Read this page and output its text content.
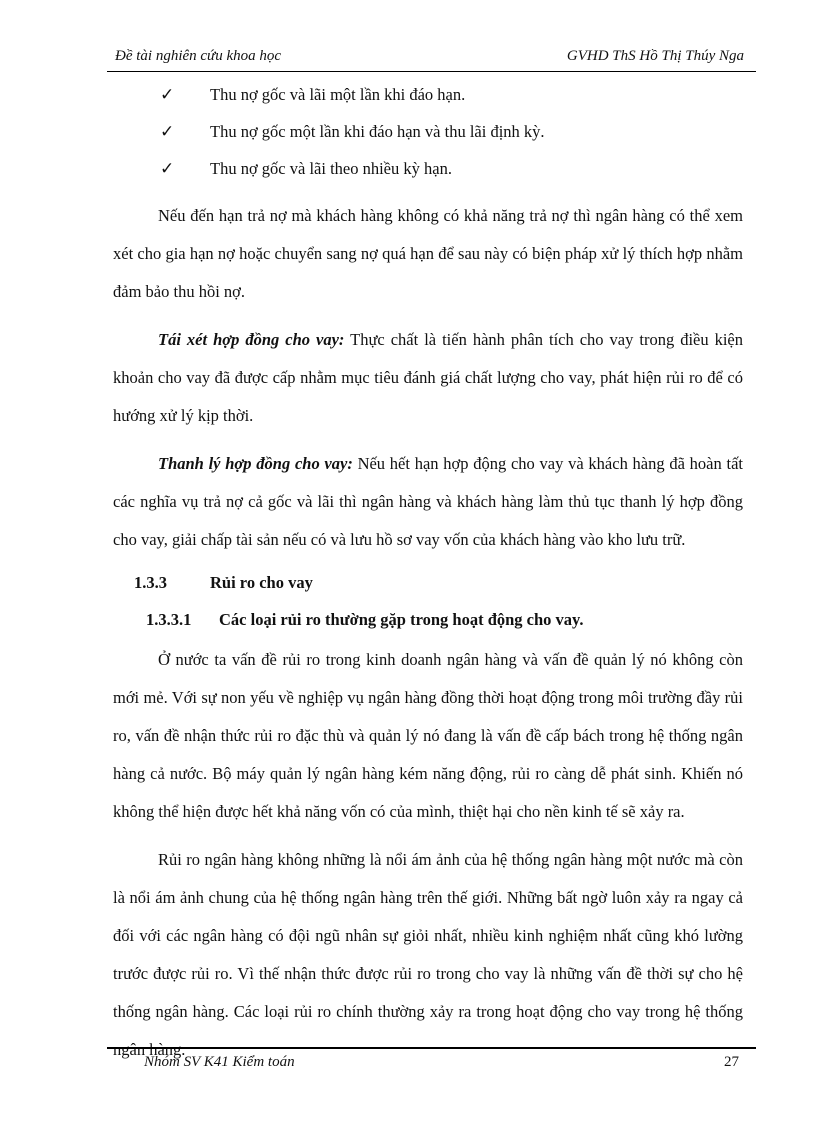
Đề tài nghiên cứu khoa học	GVHD ThS Hồ Thị Thúy Nga
✓	Thu nợ gốc và lãi một lần khi đáo hạn.
✓	Thu nợ gốc một lần khi đáo hạn và thu lãi định kỳ.
✓	Thu nợ gốc và lãi theo nhiều kỳ hạn.

Nếu đến hạn trả nợ mà khách hàng không có khả năng trả nợ thì ngân hàng có thể xem xét cho gia hạn nợ hoặc chuyển sang nợ quá hạn để sau này có biện pháp xử lý thích hợp nhằm đảm bảo thu hồi nợ.

Tái xét hợp đồng cho vay: Thực chất là tiến hành phân tích cho vay trong điều kiện khoản cho vay đã được cấp nhằm mục tiêu đánh giá chất lượng cho vay, phát hiện rủi ro để có hướng xử lý kịp thời.

Thanh lý hợp đồng cho vay: Nếu hết hạn hợp động cho vay và khách hàng đã hoàn tất các nghĩa vụ trả nợ cả gốc và lãi thì ngân hàng và khách hàng làm thủ tục thanh lý hợp đồng cho vay, giải chấp tài sản nếu có và lưu hồ sơ vay vốn của khách hàng vào kho lưu trữ.

1.3.3	Rủi ro cho vay
1.3.3.1	Các loại rủi ro thường gặp trong hoạt động cho vay.

Ở nước ta vấn đề rủi ro trong kinh doanh ngân hàng và vấn đề quản lý nó không còn mới mẻ. Với sự non yếu về nghiệp vụ ngân hàng đồng thời hoạt động trong môi trường đầy rủi ro, vấn đề nhận thức rủi ro đặc thù và quản lý nó đang là vấn đề cấp bách trong hệ thống ngân hàng cả nước. Bộ máy quản lý ngân hàng kém năng động, rủi ro càng dễ phát sinh. Khiến nó không thể hiện được hết khả năng vốn có của mình, thiệt hại cho nền kinh tế sẽ xảy ra.

Rủi ro ngân hàng không những là nổi ám ảnh của hệ thống ngân hàng một nước mà còn là nổi ám ảnh chung của hệ thống ngân hàng trên thế giới. Những bất ngờ luôn xảy ra ngay cả đối với các ngân hàng có đội ngũ nhân sự giỏi nhất, nhiều kinh nghiệm nhất cũng khó lường trước được rủi ro. Vì thế nhận thức được rủi ro trong cho vay là những vấn đề thời sự cho hệ thống ngân hàng. Các loại rủi ro chính thường xảy ra trong hoạt động cho vay trong hệ thống ngân hàng.

Nhóm SV K41 Kiểm toán	27
